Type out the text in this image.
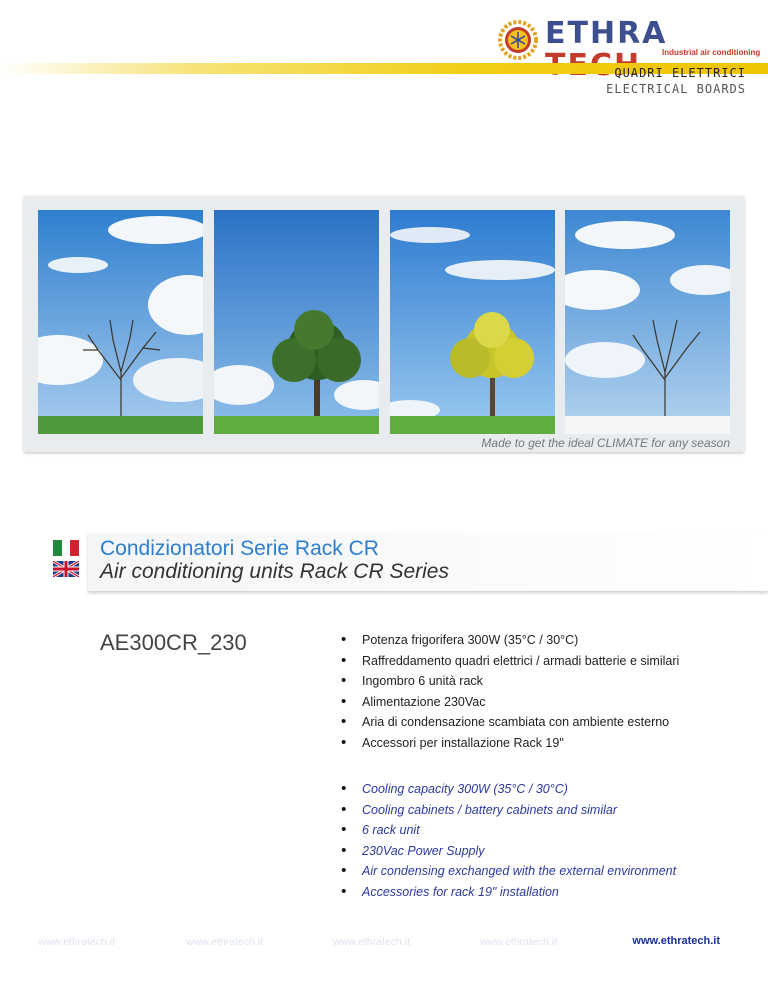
ETHRA
Industrial air conditioning
QUADRI ELETTRICI
ELECTRICAL BOARDS
Made to get the ideal CLIMATE for any season
Condizionatori Serie Rack CR
Air conditioning units Rack CR Series
AE300CR_230
•	Potenza frigorifera 300W (35°C / 30°C)
• Raffreddamento quadri elettrici / armadi batterie e similari
• Ingombro 6 unità rack
• Alimentazione 230Vac
• Aria di condensazione scambiata con ambiente esterno
• Accessori per installazione Rack 19"
• Cooling capacity 300W (35°C / 30°C)
• Cooling cabinets / battery cabinets and similar
• 6 rack unit
• 230Vac Power Supply
• Air condensing exchanged with the external environment
• Accessories for rack 19" installation
www.ethratech.it	www.ethratech.it	www.ethratech.it	www.ethratech.it	www.ethratech.it
